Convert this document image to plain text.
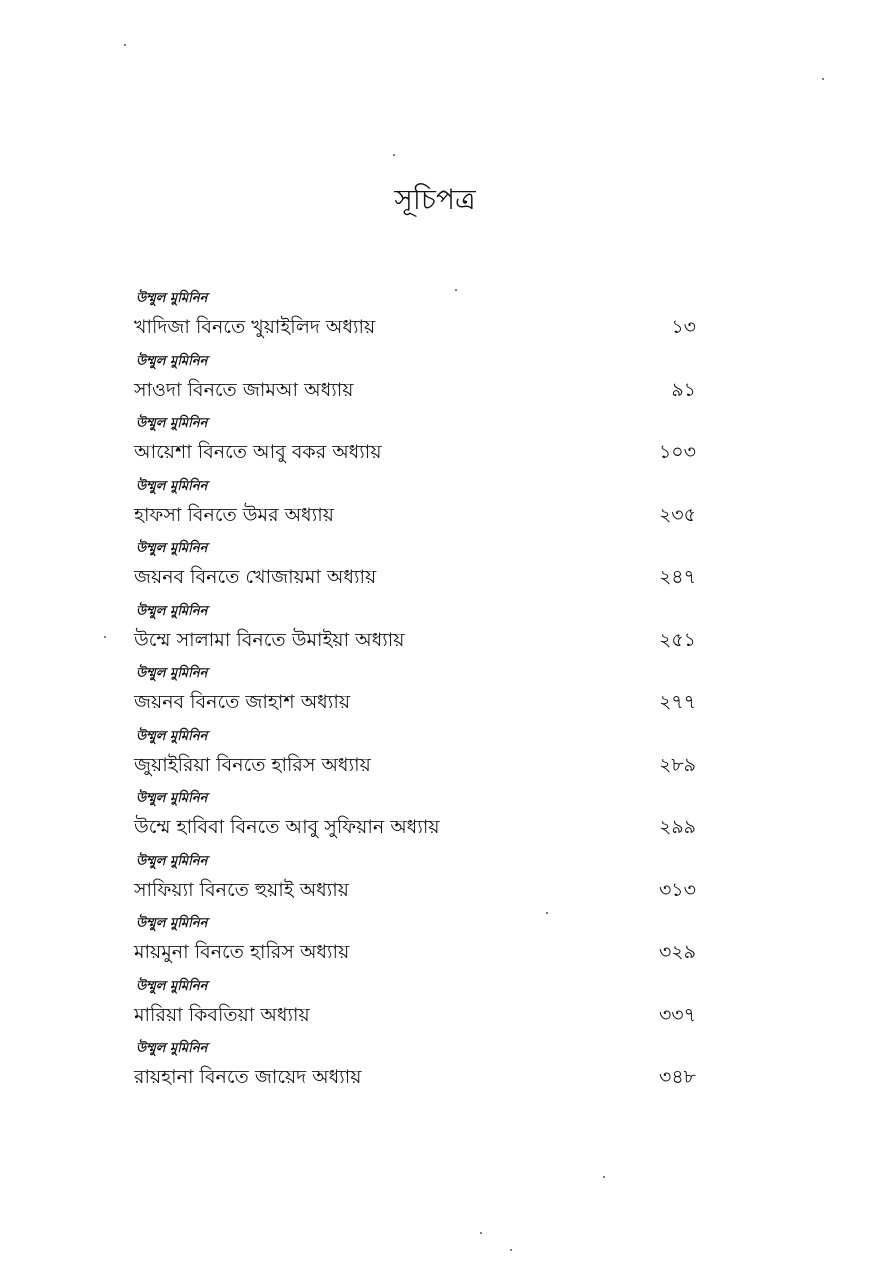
সূচিপত্র
উম্মুল মুমিনিন
খাদিজা বিনতে খুয়াইলিদ অধ্যায়	১৩
উম্মুল মুমিনিন
সাওদা বিনতে জামআ অধ্যায়	৯১
উম্মুল মুমিনিন
আয়েশা বিনতে আবু বকর অধ্যায়	১০৩
উম্মুল মুমিনিন
হাফসা বিনতে উমর অধ্যায়	২৩৫
উম্মুল মুমিনিন
জয়নব বিনতে খোজায়মা অধ্যায়	২৪৭
উম্মুল মুমিনিন
উম্মে সালামা বিনতে উমাইয়া অধ্যায়	২৫১
উম্মুল মুমিনিন
জয়নব বিনতে জাহাশ অধ্যায়	২৭৭
উম্মুল মুমিনিন
জুয়াইরিয়া বিনতে হারিস অধ্যায়	২৮৯
উম্মুল মুমিনিন
উম্মে হাবিবা বিনতে আবু সুফিয়ান অধ্যায়	২৯৯
উম্মুল মুমিনিন
সাফিয়্যা বিনতে হুয়াই অধ্যায়	৩১৩
উম্মুল মুমিনিন
মায়মুনা বিনতে হারিস অধ্যায়	৩২৯
উম্মুল মুমিনিন
মারিয়া কিবতিয়া অধ্যায়	৩৩৭
উম্মুল মুমিনিন
রায়হানা বিনতে জায়েদ অধ্যায়	৩৪৮
